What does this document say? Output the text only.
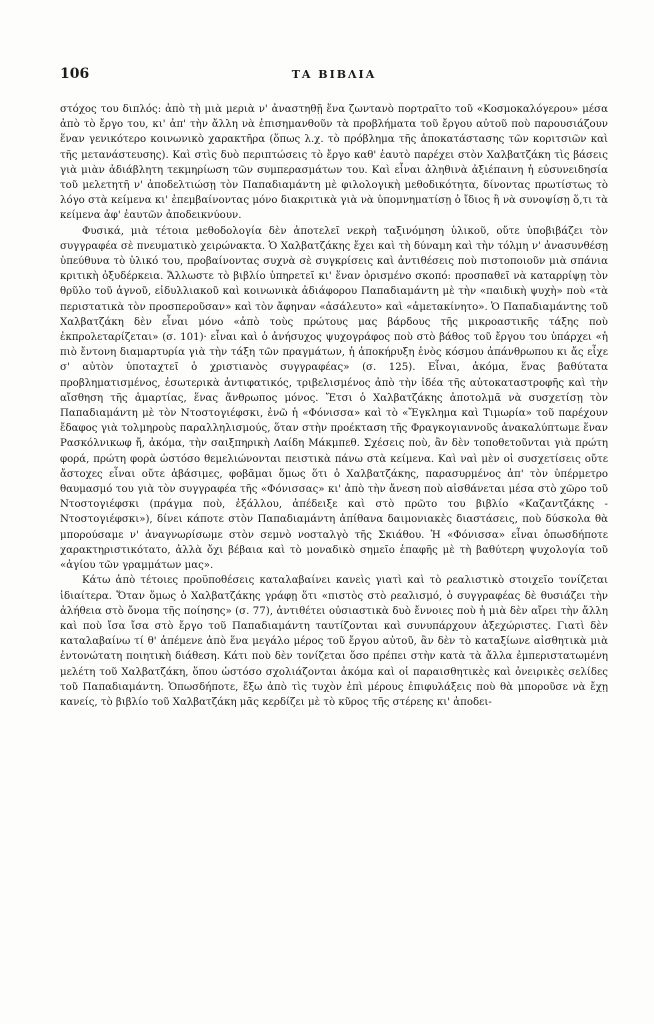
106	ΤΑ ΒΙΒΛΙΑ

στόχος του διπλός: ἀπὸ τὴ μιὰ μεριὰ ν' ἀναστηθῇ ἕνα ζωντανὸ πορτραῖτο τοῦ «Κοσμοκαλόγερου» μέσα ἀπὸ τὸ ἔργο του, κι' ἀπ' τὴν ἄλλη νὰ ἐπισημανθοῦν τὰ προβλήματα τοῦ ἔργου αὐτοῦ ποὺ παρουσιάζουν ἕναν γενικότερο κοινωνικὸ χαρακτῆρα (ὅπως λ.χ. τὸ πρόβλημα τῆς ἀποκατάστασης τῶν κοριτσιῶν καὶ τῆς μετανάστευσης). Καὶ στὶς δυὸ περιπτώσεις τὸ ἔργο καθ' ἑαυτὸ παρέχει στὸν Χαλβατζάκη τὶς βάσεις γιὰ μιὰν ἀδιάβλητη τεκμηρίωση τῶν συμπερασμάτων του. Καὶ εἶναι ἀληθινὰ ἀξιέπαινη ἡ εὐσυνειδησία τοῦ μελετητῆ ν' ἀποδελτιώσῃ τὸν Παπαδιαμάντη μὲ φιλολογικὴ μεθοδικότητα, δίνοντας πρωτίστως τὸ λόγο στὰ κείμενα κι' ἐπεμβαίνοντας μόνο διακριτικὰ γιὰ νὰ ὑπομνηματίσῃ ὁ ἴδιος ἢ νὰ συνοψίσῃ ὅ,τι τὰ κείμενα ἀφ' ἑαυτῶν ἀποδεικνύουν.

Φυσικά, μιὰ τέτοια μεθοδολογία δὲν ἀποτελεῖ νεκρὴ ταξινόμηση ὑλικοῦ, οὔτε ὑποβιβάζει τὸν συγγραφέα σὲ πνευματικὸ χειρώνακτα. Ὁ Χαλβατζάκης ἔχει καὶ τὴ δύναμη καὶ τὴν τόλμη ν' ἀνασυνθέσῃ ὑπεύθυνα τὸ ὑλικό του, προβαίνοντας συχνὰ σὲ συγκρίσεις καὶ ἀντιθέσεις ποὺ πιστοποιοῦν μιὰ σπάνια κριτικὴ ὀξυδέρκεια. Ἄλλωστε τὸ βιβλίο ὑπηρετεῖ κι' ἕναν ὁρισμένο σκοπό: προσπαθεῖ νὰ καταρρίψῃ τὸν θρῦλο τοῦ ἁγνοῦ, εἰδυλλιακοῦ καὶ κοινωνικὰ ἀδιάφορου Παπαδιαμάντη μὲ τὴν «παιδικὴ ψυχὴ» ποὺ «τὰ περιστατικὰ τὸν προσπεροῦσαν» καὶ τὸν ἄφηναν «ἀσάλευτο» καὶ «ἀμετακίνητο». Ὁ Παπαδιαμάντης τοῦ Χαλβατζάκη δὲν εἶναι μόνο «ἀπὸ τοὺς πρώτους μας βάρδους τῆς μικροαστικῆς τάξης ποὺ ἐκπρολεταρίζεται» (σ. 101)· εἶναι καὶ ὁ ἀνήσυχος ψυχογράφος ποὺ στὸ βάθος τοῦ ἔργου του ὑπάρχει «ἡ πιὸ ἔντονη διαμαρτυρία γιὰ τὴν τάξη τῶν πραγμάτων, ἡ ἀποκήρυξη ἑνὸς κόσμου ἀπάνθρωπου κι ἄς εἶχε σ' αὐτὸν ὑποταχτεῖ ὁ χριστιανὸς συγγραφέας» (σ. 125). Εἶναι, ἀκόμα, ἕνας βαθύτατα προβληματισμένος, ἐσωτερικὰ ἀντιφατικός, τριβελισμένος ἀπὸ τὴν ἰδέα τῆς αὐτοκαταστροφῆς καὶ τὴν αἴσθηση τῆς ἁμαρτίας, ἕνας ἄνθρωπος μόνος. Ἔτσι ὁ Χαλβατζάκης ἀποτολμᾶ νὰ συσχετίσῃ τὸν Παπαδιαμάντη μὲ τὸν Ντοστογιέφσκι, ἐνῶ ἡ «Φόνισσα» καὶ τὸ «Ἔγκλημα καὶ Τιμωρία» τοῦ παρέχουν ἔδαφος γιὰ τολμηροὺς παραλληλισμούς, ὅταν στὴν προέκταση τῆς Φραγκογιαννοῦς ἀνακαλύπτωμε ἕναν Ρασκόλνικωφ ἤ, ἀκόμα, τὴν σαιξπηρικὴ Λαίδη Μάκμπεθ. Σχέσεις ποὺ, ἂν δὲν τοποθετοῦνται γιὰ πρώτη φορά, πρώτη φορὰ ὡστόσο θεμελιώνονται πειστικὰ πάνω στὰ κείμενα. Καὶ ναὶ μὲν οἱ συσχετίσεις οὔτε ἄστοχες εἶναι οὔτε ἀβάσιμες, φοβᾶμαι ὅμως ὅτι ὁ Χαλβατζάκης, παρασυρμένος ἀπ' τὸν ὑπέρμετρο θαυμασμό του γιὰ τὸν συγγραφέα τῆς «Φόνισσας» κι' ἀπὸ τὴν ἄνεση ποὺ αἰσθάνεται μέσα στὸ χῶρο τοῦ Ντοστογιέφσκι (πράγμα ποὺ, ἐξάλλου, ἀπέδειξε καὶ στὸ πρῶτο του βιβλίο «Καζαντζάκης - Ντοστογιέφσκι»), δίνει κάποτε στὸν Παπαδιαμάντη ἀπίθανα δαιμονιακὲς διαστάσεις, ποὺ δύσκολα θὰ μπορούσαμε ν' ἀναγνωρίσωμε στὸν σεμνὸ νοσταλγὸ τῆς Σκιάθου. Ἡ «Φόνισσα» εἶναι ὁπωσδήποτε χαρακτηριστικότατο, ἀλλὰ ὄχι βέβαια καὶ τὸ μοναδικὸ σημεῖο ἐπαφῆς μὲ τὴ βαθύτερη ψυχολογία τοῦ «ἁγίου τῶν γραμμάτων μας».

Κάτω ἀπὸ τέτοιες προϋποθέσεις καταλαβαίνει κανεὶς γιατὶ καὶ τὸ ρεαλιστικὸ στοιχεῖο τονίζεται ἰδιαίτερα. Ὅταν ὅμως ὁ Χαλβατζάκης γράφῃ ὅτι «πιστὸς στὸ ρεαλισμό, ὁ συγγραφέας δὲ θυσιάζει τὴν ἀλήθεια στὸ ὄνομα τῆς ποίησης» (σ. 77), ἀντιθέτει οὐσιαστικὰ δυὸ ἔννοιες ποὺ ἡ μιὰ δὲν αἴρει τὴν ἄλλη καὶ ποὺ ἴσα ἴσα στὸ ἔργο τοῦ Παπαδιαμάντη ταυτίζονται καὶ συνυπάρχουν ἀξεχώριστες. Γιατὶ δὲν καταλαβαίνω τί θ' ἀπέμενε ἀπὸ ἕνα μεγάλο μέρος τοῦ ἔργου αὐτοῦ, ἂν δὲν τὸ καταξίωνε αἰσθητικὰ μιὰ ἐντονώτατη ποιητικὴ διάθεση. Κάτι ποὺ δὲν τονίζεται ὅσο πρέπει στὴν κατὰ τὰ ἄλλα ἐμπεριστατωμένη μελέτη τοῦ Χαλβατζάκη, ὅπου ὡστόσο σχολιάζονται ἀκόμα καὶ οἱ παραισθητικὲς καὶ ὀνειρικὲς σελίδες τοῦ Παπαδιαμάντη. Ὁπωσδήποτε, ἔξω ἀπὸ τὶς τυχὸν ἐπὶ μέρους ἐπιφυλάξεις ποὺ θὰ μποροῦσε νὰ ἔχῃ κανείς, τὸ βιβλίο τοῦ Χαλβατζάκη μᾶς κερδίζει μὲ τὸ κῦρος τῆς στέρεης κι' ἀποδει-
